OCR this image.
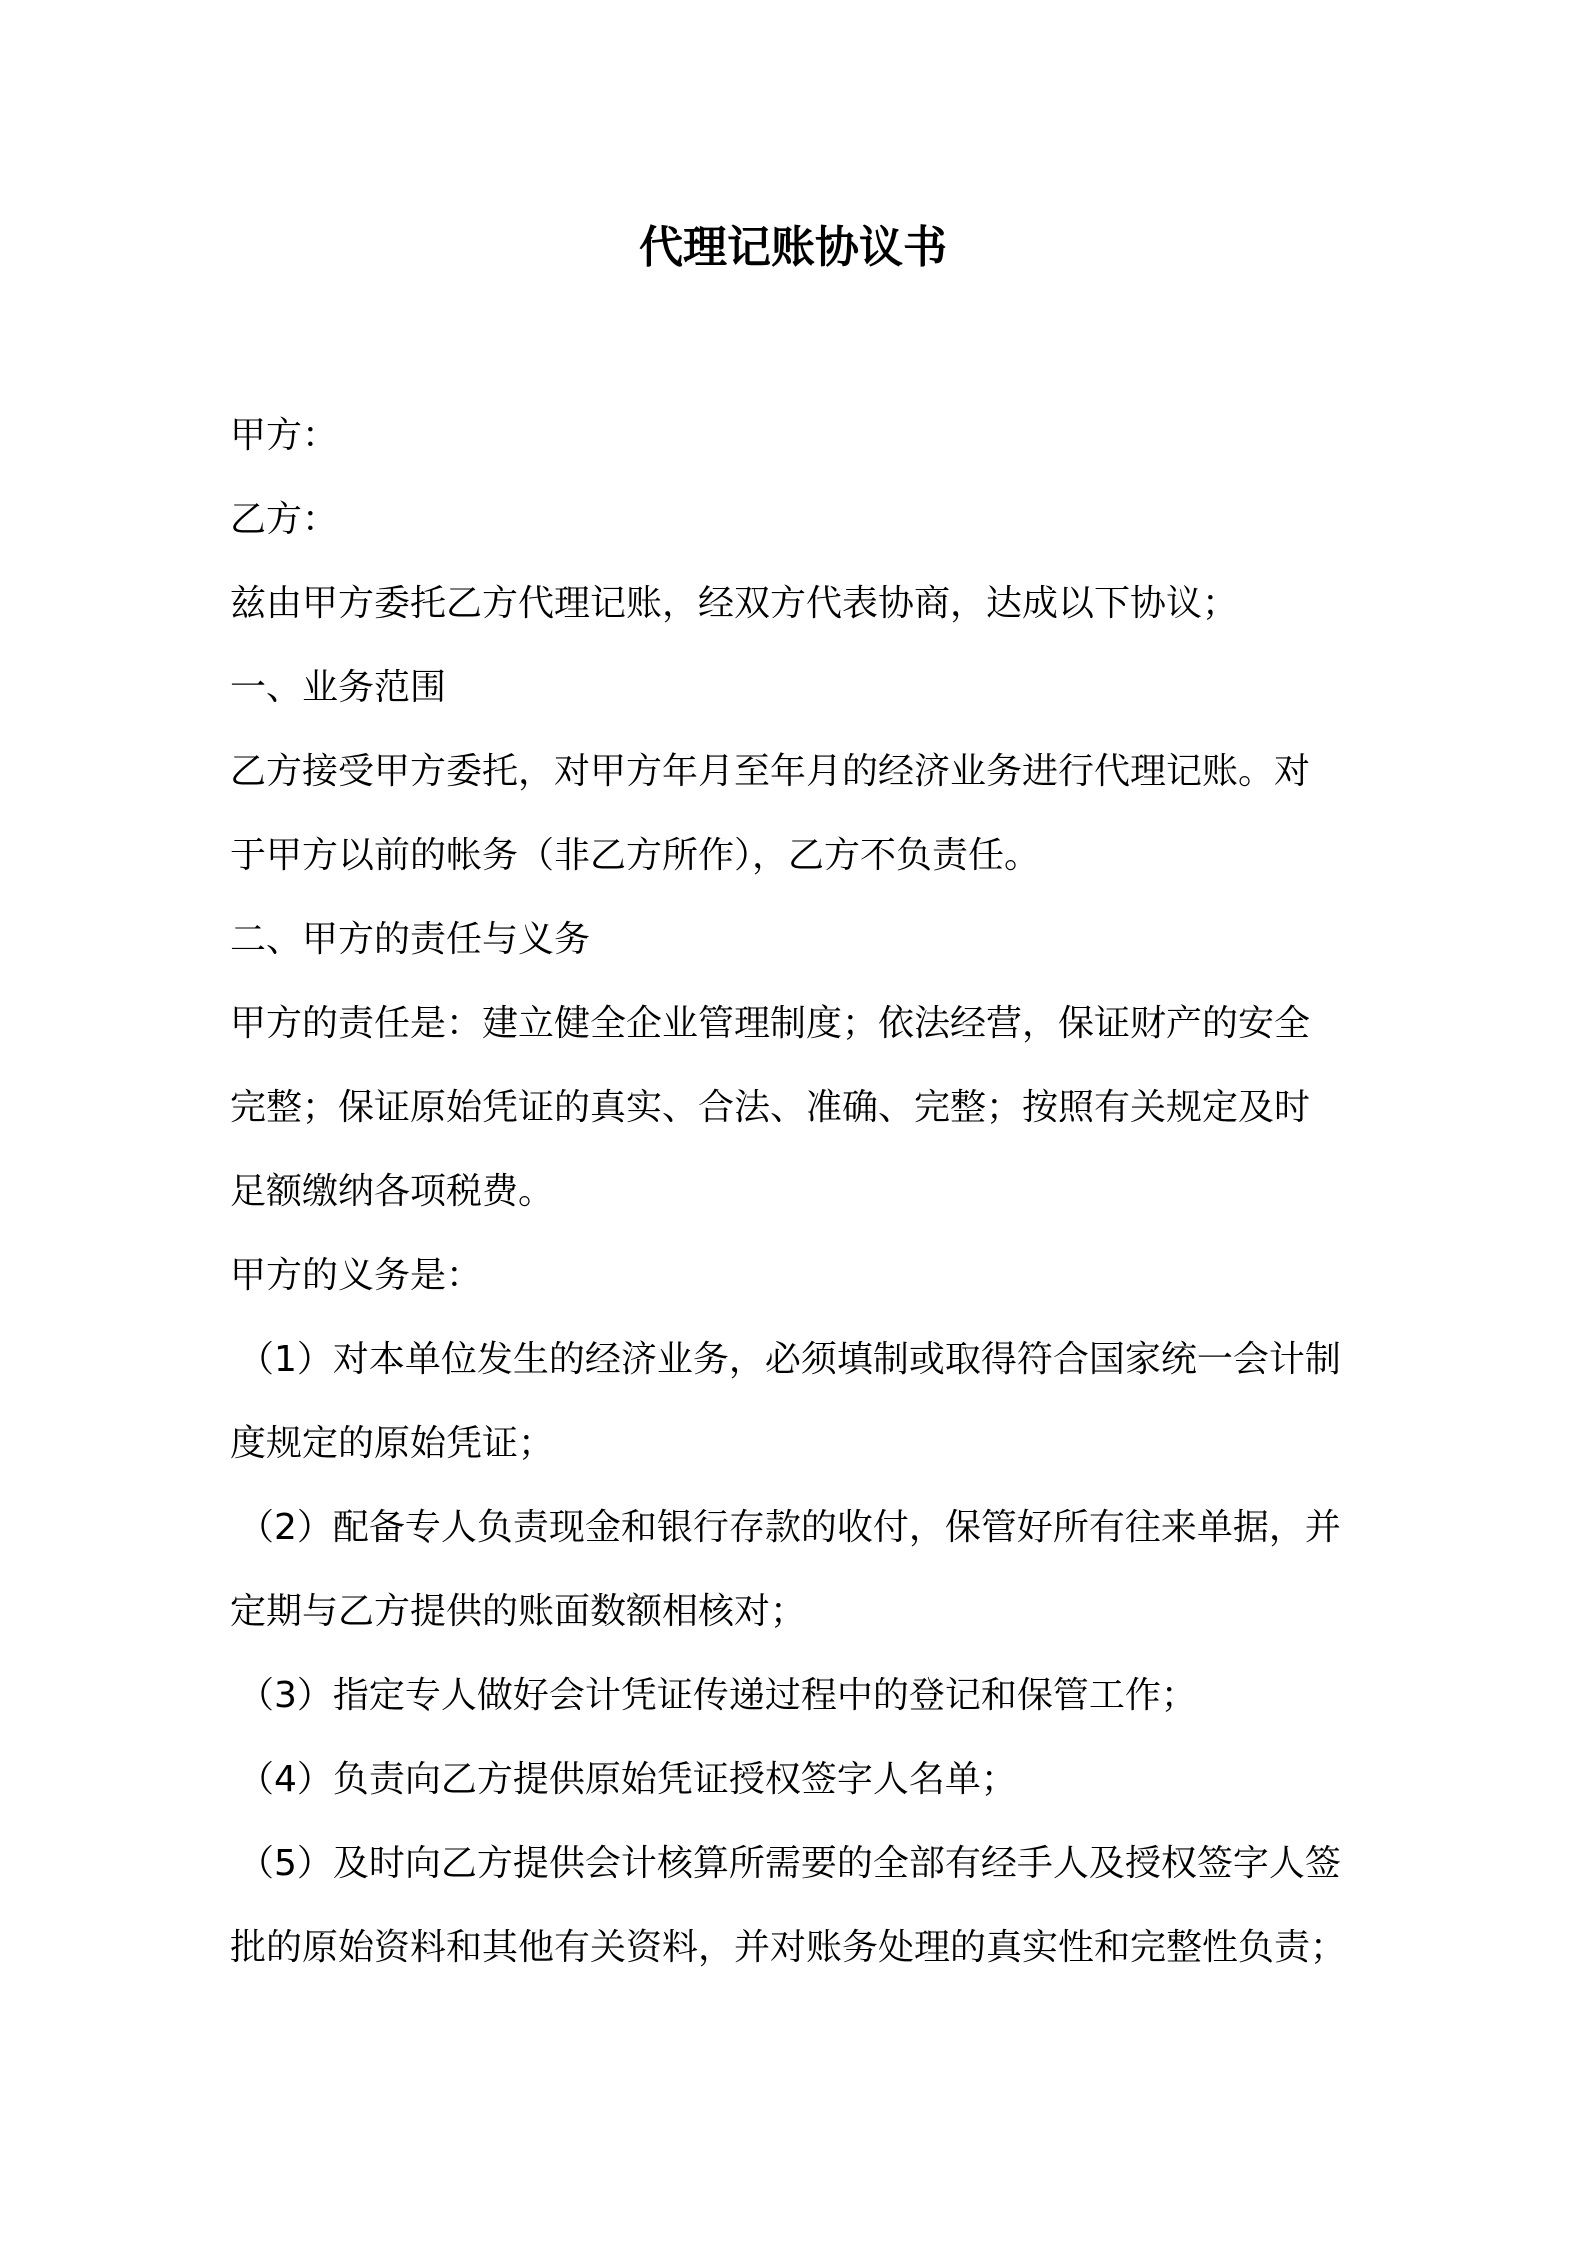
代理记账协议书

甲方：

乙方：

兹由甲方委托乙方代理记账，经双方代表协商，达成以下协议；

一、业务范围

乙方接受甲方委托，对甲方年月至年月的经济业务进行代理记账。对

于甲方以前的帐务（非乙方所作），乙方不负责任。

二、甲方的责任与义务

甲方的责任是：建立健全企业管理制度；依法经营，保证财产的安全

完整；保证原始凭证的真实、合法、准确、完整；按照有关规定及时

足额缴纳各项税费。

甲方的义务是：

（1）对本单位发生的经济业务，必须填制或取得符合国家统一会计制

度规定的原始凭证；

（2）配备专人负责现金和银行存款的收付，保管好所有往来单据，并

定期与乙方提供的账面数额相核对；

（3）指定专人做好会计凭证传递过程中的登记和保管工作；

（4）负责向乙方提供原始凭证授权签字人名单；

（5）及时向乙方提供会计核算所需要的全部有经手人及授权签字人签

批的原始资料和其他有关资料，并对账务处理的真实性和完整性负责；
